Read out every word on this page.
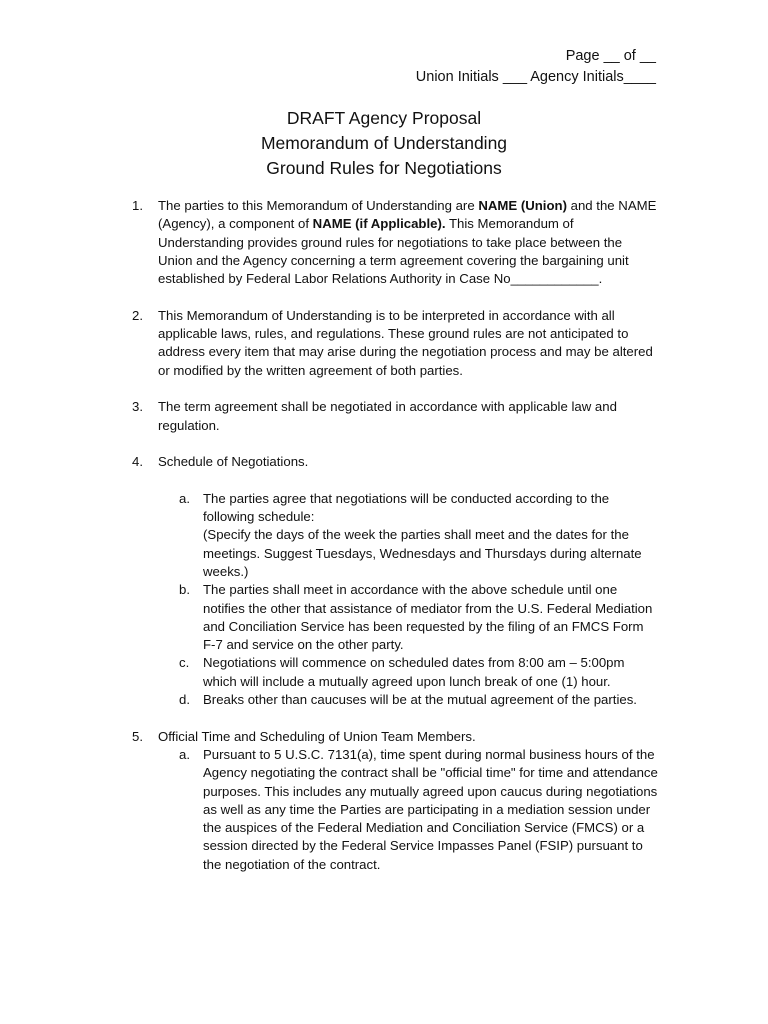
Page __ of __
Union Initials ___ Agency Initials____
DRAFT Agency Proposal
Memorandum of Understanding
Ground Rules for Negotiations
1. The parties to this Memorandum of Understanding are NAME (Union) and the NAME (Agency), a component of NAME (if Applicable). This Memorandum of Understanding provides ground rules for negotiations to take place between the Union and the Agency concerning a term agreement covering the bargaining unit established by Federal Labor Relations Authority in Case No____________.
2. This Memorandum of Understanding is to be interpreted in accordance with all applicable laws, rules, and regulations. These ground rules are not anticipated to address every item that may arise during the negotiation process and may be altered or modified by the written agreement of both parties.
3. The term agreement shall be negotiated in accordance with applicable law and regulation.
4. Schedule of Negotiations.
a. The parties agree that negotiations will be conducted according to the following schedule:
(Specify the days of the week the parties shall meet and the dates for the meetings. Suggest Tuesdays, Wednesdays and Thursdays during alternate weeks.)
b. The parties shall meet in accordance with the above schedule until one notifies the other that assistance of mediator from the U.S. Federal Mediation and Conciliation Service has been requested by the filing of an FMCS Form F-7 and service on the other party.
c. Negotiations will commence on scheduled dates from 8:00 am – 5:00pm which will include a mutually agreed upon lunch break of one (1) hour.
d. Breaks other than caucuses will be at the mutual agreement of the parties.
5. Official Time and Scheduling of Union Team Members.
a. Pursuant to 5 U.S.C. 7131(a), time spent during normal business hours of the Agency negotiating the contract shall be "official time" for time and attendance purposes. This includes any mutually agreed upon caucus during negotiations as well as any time the Parties are participating in a mediation session under the auspices of the Federal Mediation and Conciliation Service (FMCS) or a session directed by the Federal Service Impasses Panel (FSIP) pursuant to the negotiation of the contract.
